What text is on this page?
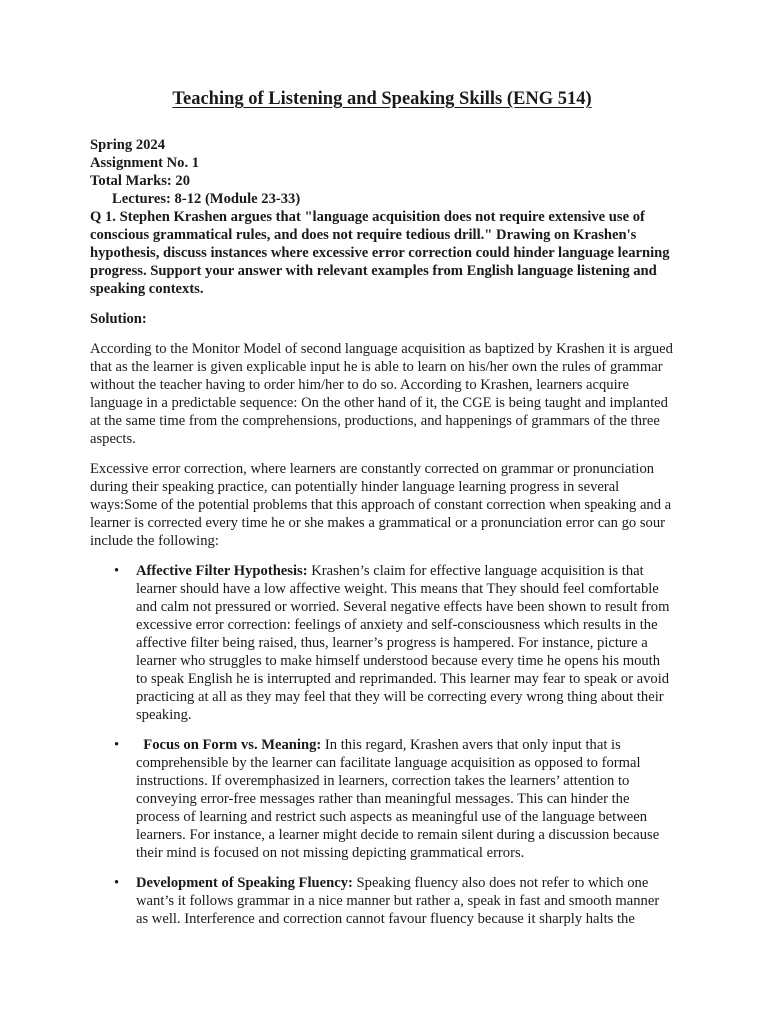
Teaching of Listening and Speaking Skills (ENG 514)
Spring 2024
Assignment No. 1
Total Marks: 20
Lectures: 8-12 (Module 23-33)
Q 1. Stephen Krashen argues that "language acquisition does not require extensive use of conscious grammatical rules, and does not require tedious drill." Drawing on Krashen's hypothesis, discuss instances where excessive error correction could hinder language learning progress. Support your answer with relevant examples from English language listening and speaking contexts.
Solution:

According to the Monitor Model of second language acquisition as baptized by Krashen it is argued that as the learner is given explicable input he is able to learn on his/her own the rules of grammar without the teacher having to order him/her to do so. According to Krashen, learners acquire language in a predictable sequence: On the other hand of it, the CGE is being taught and implanted at the same time from the comprehensions, productions, and happenings of grammars of the three aspects.

Excessive error correction, where learners are constantly corrected on grammar or pronunciation during their speaking practice, can potentially hinder language learning progress in several ways:Some of the potential problems that this approach of constant correction when speaking and a learner is corrected every time he or she makes a grammatical or a pronunciation error can go sour include the following:

• Affective Filter Hypothesis: Krashen’s claim for effective language acquisition is that learner should have a low affective weight. This means that They should feel comfortable and calm not pressured or worried. Several negative effects have been shown to result from excessive error correction: feelings of anxiety and self-consciousness which results in the affective filter being raised, thus, learner’s progress is hampered. For instance, picture a learner who struggles to make himself understood because every time he opens his mouth to speak English he is interrupted and reprimanded. This learner may fear to speak or avoid practicing at all as they may feel that they will be correcting every wrong thing about their speaking.
• Focus on Form vs. Meaning: In this regard, Krashen avers that only input that is comprehensible by the learner can facilitate language acquisition as opposed to formal instructions. If overemphasized in learners, correction takes the learners’ attention to conveying error-free messages rather than meaningful messages. This can hinder the process of learning and restrict such aspects as meaningful use of the language between learners. For instance, a learner might decide to remain silent during a discussion because their mind is focused on not missing depicting grammatical errors.
• Development of Speaking Fluency: Speaking fluency also does not refer to which one want’s it follows grammar in a nice manner but rather a, speak in fast and smooth manner as well. Interference and correction cannot favour fluency because it sharply halts the
